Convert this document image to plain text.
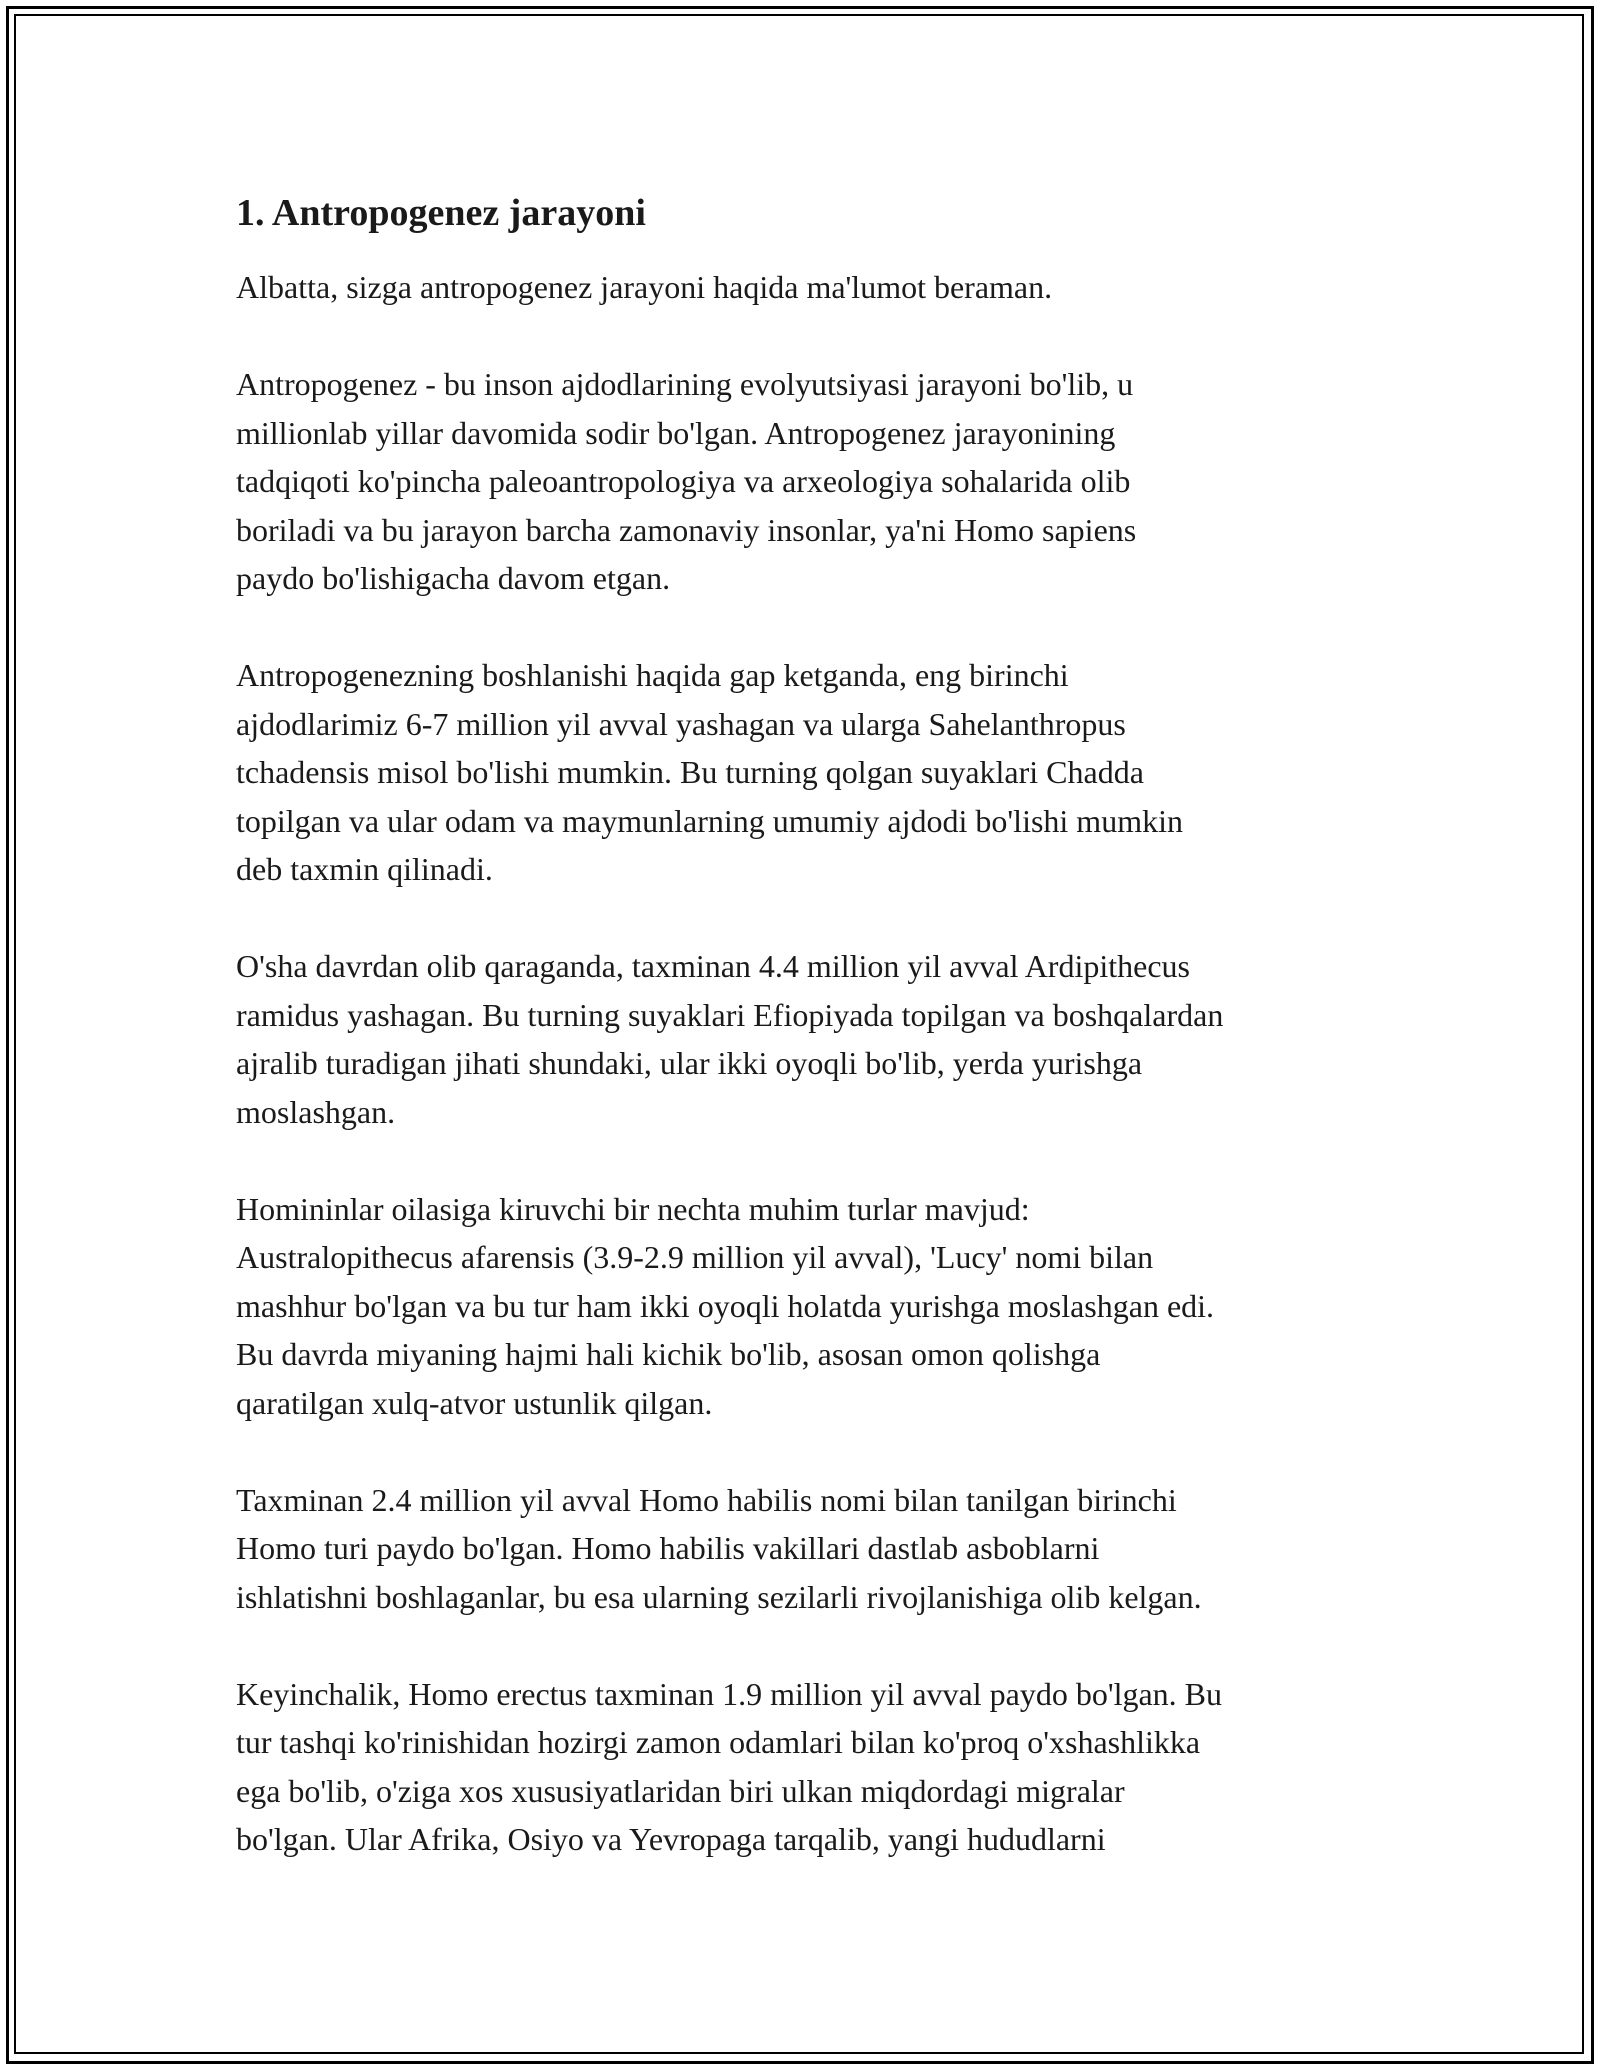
1. Antropogenez jarayoni

Albatta, sizga antropogenez jarayoni haqida ma'lumot beraman.

Antropogenez - bu inson ajdodlarining evolyutsiyasi jarayoni bo'lib, u
millionlab yillar davomida sodir bo'lgan. Antropogenez jarayonining
tadqiqoti ko'pincha paleoantropologiya va arxeologiya sohalarida olib
boriladi va bu jarayon barcha zamonaviy insonlar, ya'ni Homo sapiens
paydo bo'lishigacha davom etgan.

Antropogenezning boshlanishi haqida gap ketganda, eng birinchi
ajdodlarimiz 6-7 million yil avval yashagan va ularga Sahelanthropus
tchadensis misol bo'lishi mumkin. Bu turning qolgan suyaklari Chadda
topilgan va ular odam va maymunlarning umumiy ajdodi bo'lishi mumkin
deb taxmin qilinadi.

O'sha davrdan olib qaraganda, taxminan 4.4 million yil avval Ardipithecus
ramidus yashagan. Bu turning suyaklari Efiopiyada topilgan va boshqalardan
ajralib turadigan jihati shundaki, ular ikki oyoqli bo'lib, yerda yurishga
moslashgan.

Homininlar oilasiga kiruvchi bir nechta muhim turlar mavjud:
Australopithecus afarensis (3.9-2.9 million yil avval), 'Lucy' nomi bilan
mashhur bo'lgan va bu tur ham ikki oyoqli holatda yurishga moslashgan edi.
Bu davrda miyaning hajmi hali kichik bo'lib, asosan omon qolishga
qaratilgan xulq-atvor ustunlik qilgan.

Taxminan 2.4 million yil avval Homo habilis nomi bilan tanilgan birinchi
Homo turi paydo bo'lgan. Homo habilis vakillari dastlab asboblarni
ishlatishni boshlaganlar, bu esa ularning sezilarli rivojlanishiga olib kelgan.

Keyinchalik, Homo erectus taxminan 1.9 million yil avval paydo bo'lgan. Bu
tur tashqi ko'rinishidan hozirgi zamon odamlari bilan ko'proq o'xshashlikka
ega bo'lib, o'ziga xos xususiyatlaridan biri ulkan miqdordagi migralar
bo'lgan. Ular Afrika, Osiyo va Yevropaga tarqalib, yangi hududlarni
